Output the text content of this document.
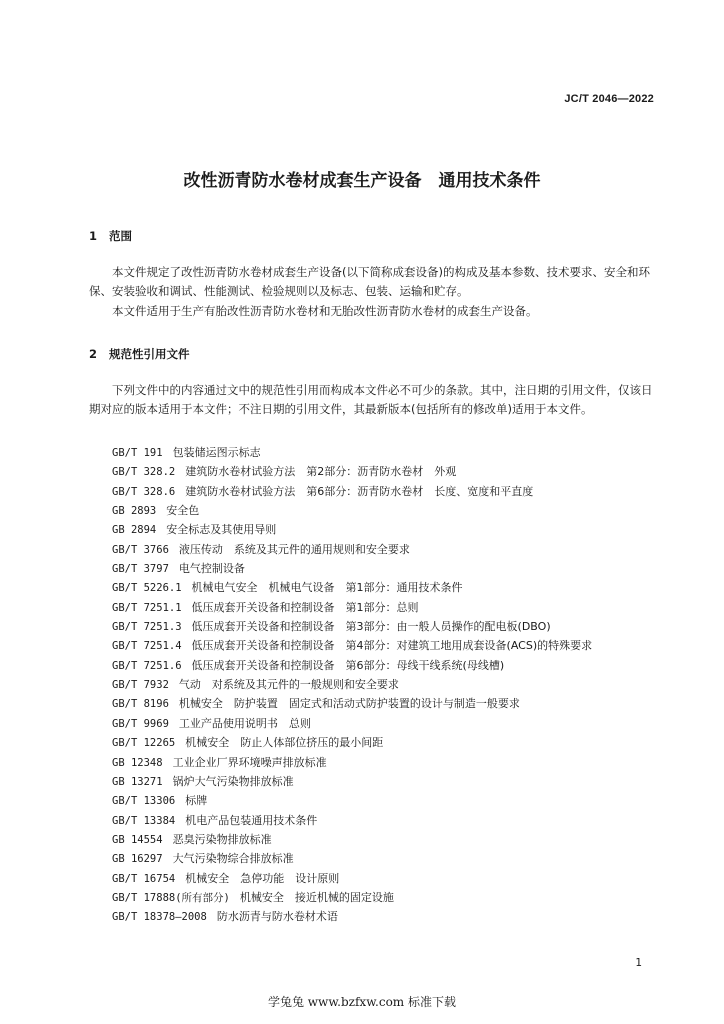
JC/T 2046—2022
改性沥青防水卷材成套生产设备　通用技术条件
1 范围
本文件规定了改性沥青防水卷材成套生产设备(以下简称成套设备)的构成及基本参数、技术要求、安全和环保、安装验收和调试、性能测试、检验规则以及标志、包装、运输和贮存。
本文件适用于生产有胎改性沥青防水卷材和无胎改性沥青防水卷材的成套生产设备。
2 规范性引用文件
下列文件中的内容通过文中的规范性引用而构成本文件必不可少的条款。其中，注日期的引用文件，仅该日期对应的版本适用于本文件；不注日期的引用文件，其最新版本(包括所有的修改单)适用于本文件。
GB/T 191 包装储运图示标志
GB/T 328.2 建筑防水卷材试验方法　第2部分：沥青防水卷材　外观
GB/T 328.6 建筑防水卷材试验方法　第6部分：沥青防水卷材　长度、宽度和平直度
GB 2893 安全色
GB 2894 安全标志及其使用导则
GB/T 3766 液压传动　系统及其元件的通用规则和安全要求
GB/T 3797 电气控制设备
GB/T 5226.1 机械电气安全　机械电气设备　第1部分：通用技术条件
GB/T 7251.1 低压成套开关设备和控制设备　第1部分：总则
GB/T 7251.3 低压成套开关设备和控制设备　第3部分：由一般人员操作的配电板(DBO)
GB/T 7251.4 低压成套开关设备和控制设备　第4部分：对建筑工地用成套设备(ACS)的特殊要求
GB/T 7251.6 低压成套开关设备和控制设备　第6部分：母线干线系统(母线槽)
GB/T 7932 气动　对系统及其元件的一般规则和安全要求
GB/T 8196 机械安全　防护装置　固定式和活动式防护装置的设计与制造一般要求
GB/T 9969 工业产品使用说明书　总则
GB/T 12265 机械安全　防止人体部位挤压的最小间距
GB 12348 工业企业厂界环境噪声排放标准
GB 13271 锅炉大气污染物排放标准
GB/T 13306 标牌
GB/T 13384 机电产品包装通用技术条件
GB 14554 恶臭污染物排放标准
GB 16297 大气污染物综合排放标准
GB/T 16754 机械安全　急停功能　设计原则
GB/T 17888(所有部分) 机械安全　接近机械的固定设施
GB/T 18378—2008 防水沥青与防水卷材术语
1
学兔兔 www.bzfxw.com 标准下载
